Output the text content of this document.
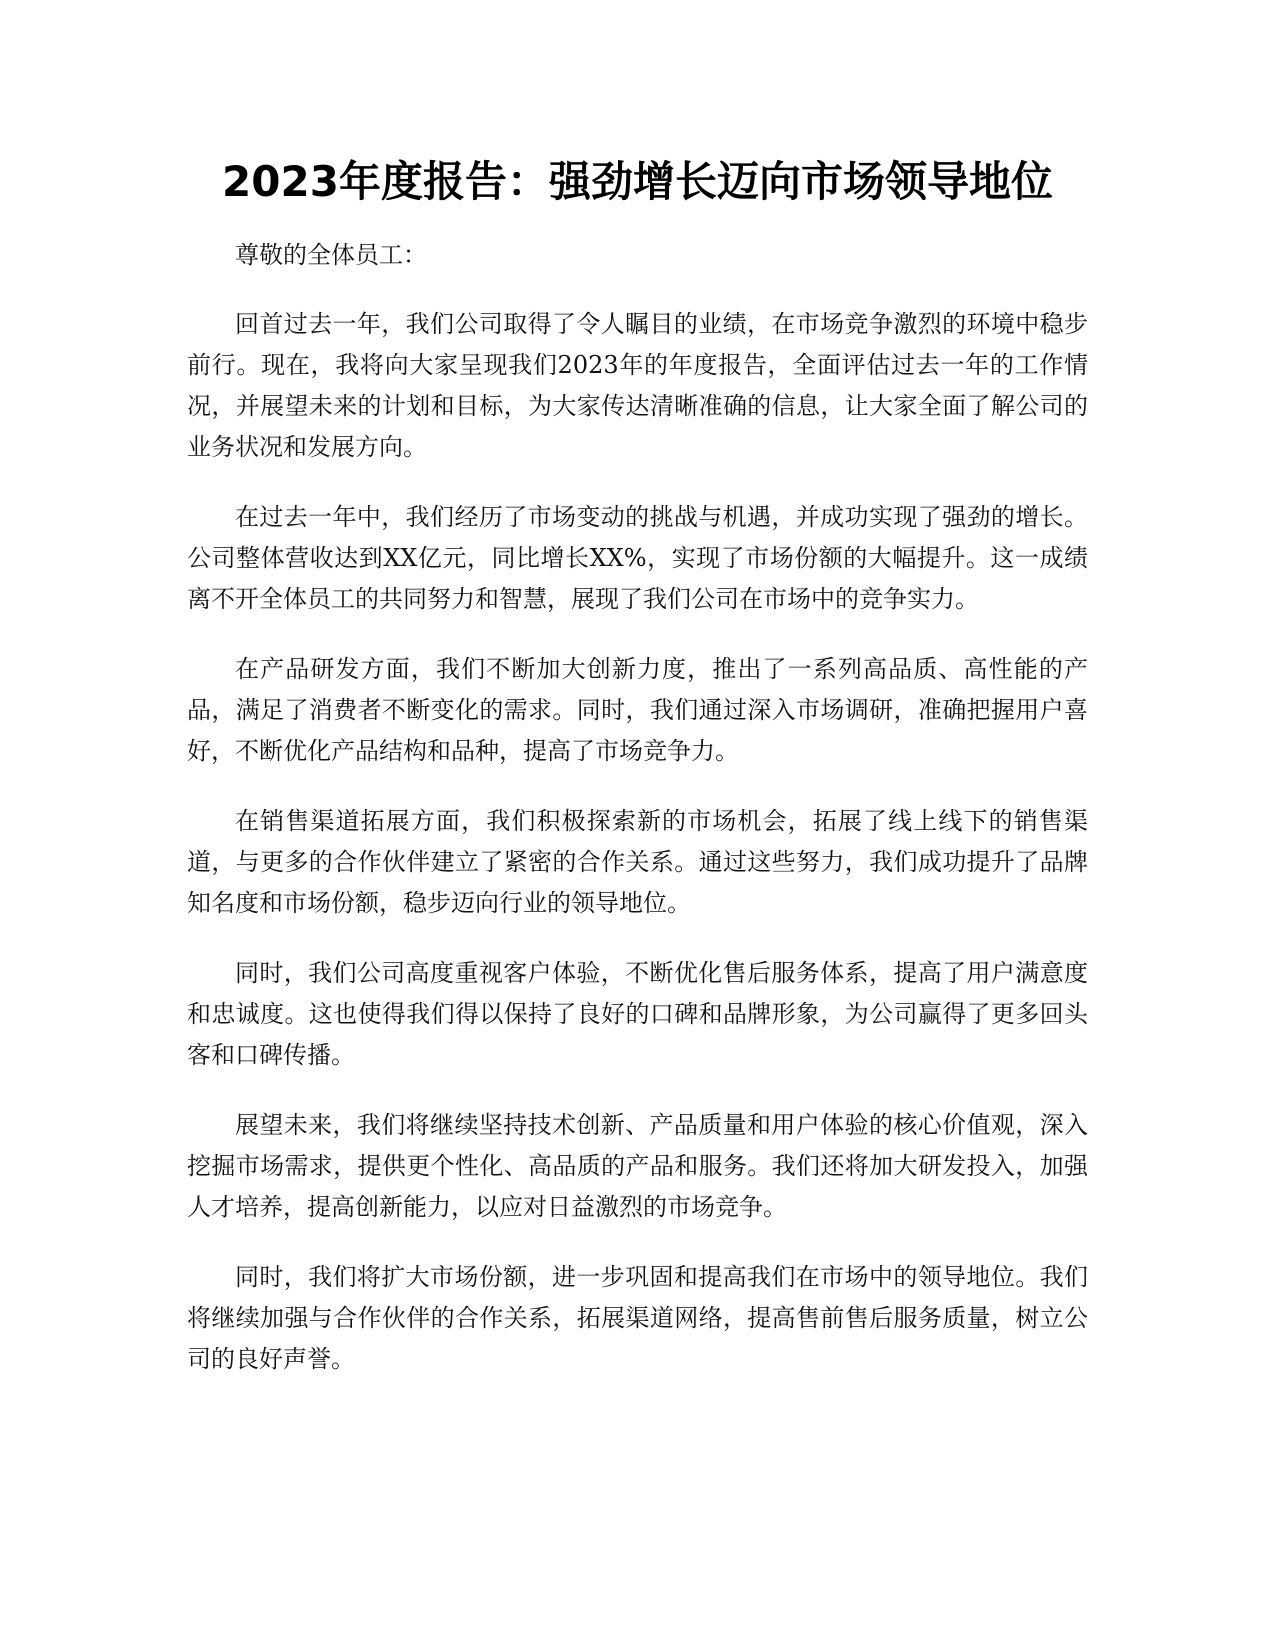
2023年度报告：强劲增长迈向市场领导地位

尊敬的全体员工：

回首过去一年，我们公司取得了令人瞩目的业绩，在市场竞争激烈的环境中稳步前行。现在，我将向大家呈现我们2023年的年度报告，全面评估过去一年的工作情况，并展望未来的计划和目标，为大家传达清晰准确的信息，让大家全面了解公司的业务状况和发展方向。

在过去一年中，我们经历了市场变动的挑战与机遇，并成功实现了强劲的增长。公司整体营收达到XX亿元，同比增长XX%，实现了市场份额的大幅提升。这一成绩离不开全体员工的共同努力和智慧，展现了我们公司在市场中的竞争实力。

在产品研发方面，我们不断加大创新力度，推出了一系列高品质、高性能的产品，满足了消费者不断变化的需求。同时，我们通过深入市场调研，准确把握用户喜好，不断优化产品结构和品种，提高了市场竞争力。

在销售渠道拓展方面，我们积极探索新的市场机会，拓展了线上线下的销售渠道，与更多的合作伙伴建立了紧密的合作关系。通过这些努力，我们成功提升了品牌知名度和市场份额，稳步迈向行业的领导地位。

同时，我们公司高度重视客户体验，不断优化售后服务体系，提高了用户满意度和忠诚度。这也使得我们得以保持了良好的口碑和品牌形象，为公司赢得了更多回头客和口碑传播。

展望未来，我们将继续坚持技术创新、产品质量和用户体验的核心价值观，深入挖掘市场需求，提供更个性化、高品质的产品和服务。我们还将加大研发投入，加强人才培养，提高创新能力，以应对日益激烈的市场竞争。

同时，我们将扩大市场份额，进一步巩固和提高我们在市场中的领导地位。我们将继续加强与合作伙伴的合作关系，拓展渠道网络，提高售前售后服务质量，树立公司的良好声誉。
